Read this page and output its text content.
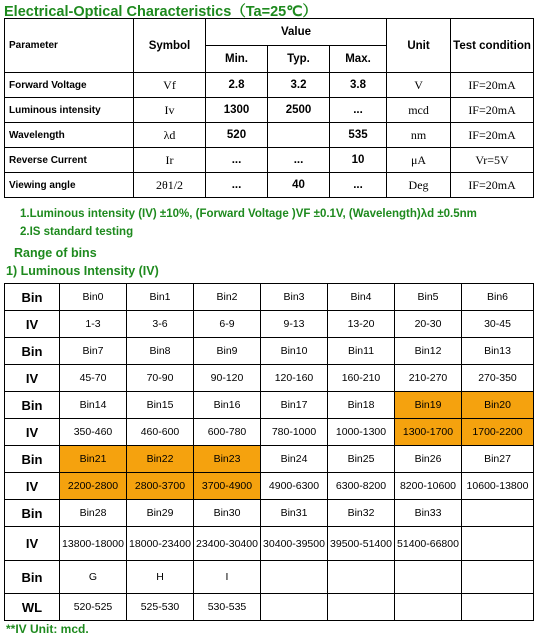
Electrical-Optical Characteristics（Ta=25℃）
Parameter	Symbol	Value			Unit	Test condition
		Min.	Typ.	Max.		
Forward Voltage	Vf	2.8	3.2	3.8	V	IF=20mA
Luminous intensity	Iv	1300	2500	...	mcd	IF=20mA
Wavelength	λd	520		535	nm	IF=20mA
Reverse Current	Ir	...	...	10	μA	Vr=5V
Viewing angle	2θ1/2	...	40	...	Deg	IF=20mA
1.Luminous intensity (IV) ±10%, (Forward Voltage )VF ±0.1V, (Wavelength)λd ±0.5nm
2.IS standard testing
Range of bins
1) Luminous Intensity (IV)
Bin	Bin0	Bin1	Bin2	Bin3	Bin4	Bin5	Bin6
IV	1-3	3-6	6-9	9-13	13-20	20-30	30-45
Bin	Bin7	Bin8	Bin9	Bin10	Bin11	Bin12	Bin13
IV	45-70	70-90	90-120	120-160	160-210	210-270	270-350
Bin	Bin14	Bin15	Bin16	Bin17	Bin18	Bin19	Bin20
IV	350-460	460-600	600-780	780-1000	1000-1300	1300-1700	1700-2200
Bin	Bin21	Bin22	Bin23	Bin24	Bin25	Bin26	Bin27
IV	2200-2800	2800-3700	3700-4900	4900-6300	6300-8200	8200-10600	10600-13800
Bin	Bin28	Bin29	Bin30	Bin31	Bin32	Bin33	
IV	13800-18000	18000-23400	23400-30400	30400-39500	39500-51400	51400-66800	
Bin	G	H	I				
WL	520-525	525-530	530-535				
**IV Unit: mcd.
